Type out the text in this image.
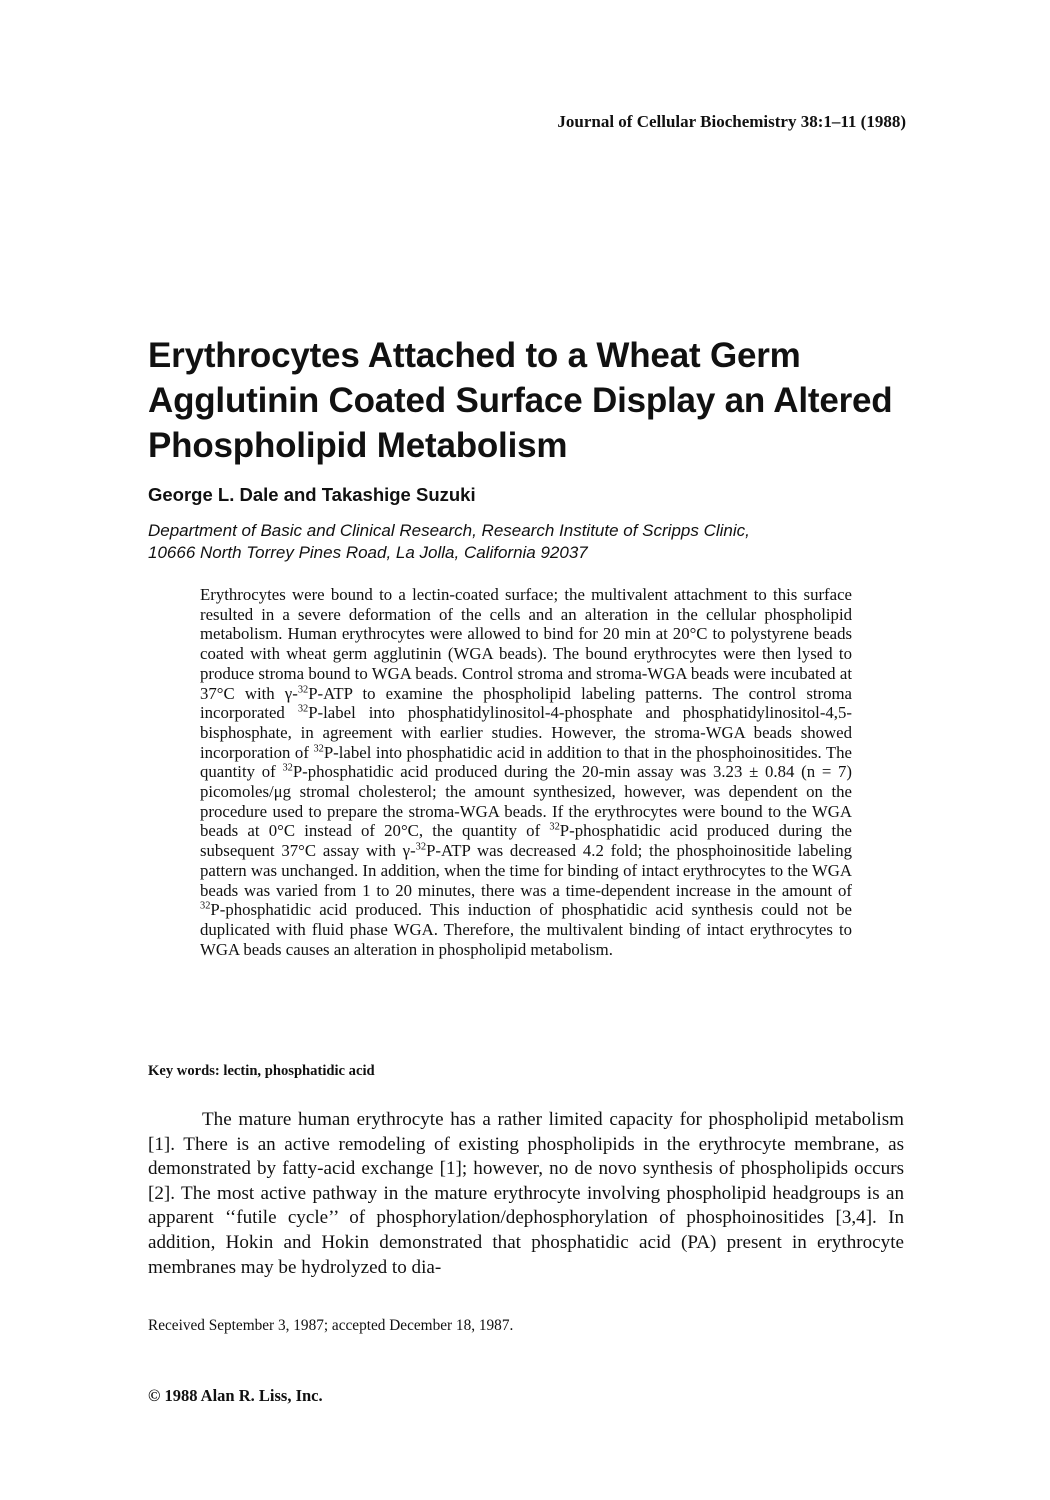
Journal of Cellular Biochemistry 38:1–11 (1988)
Erythrocytes Attached to a Wheat Germ Agglutinin Coated Surface Display an Altered Phospholipid Metabolism
George L. Dale and Takashige Suzuki
Department of Basic and Clinical Research, Research Institute of Scripps Clinic,
10666 North Torrey Pines Road, La Jolla, California 92037

Erythrocytes were bound to a lectin-coated surface; the multivalent attachment to this surface resulted in a severe deformation of the cells and an alteration in the cellular phospholipid metabolism. Human erythrocytes were allowed to bind for 20 min at 20°C to polystyrene beads coated with wheat germ agglutinin (WGA beads). The bound erythrocytes were then lysed to produce stroma bound to WGA beads. Control stroma and stroma-WGA beads were incubated at 37°C with γ-$^{32}$P-ATP to examine the phospholipid labeling patterns. The control stroma incorporated $^{32}$P-label into phosphatidylinositol-4-phosphate and phosphatidylinositol-4,5-bisphosphate, in agreement with earlier studies. However, the stroma-WGA beads showed incorporation of $^{32}$P-label into phosphatidic acid in addition to that in the phosphoinositides. The quantity of $^{32}$P-phosphatidic acid produced during the 20-min assay was 3.23 ± 0.84 (n = 7) picomoles/μg stromal cholesterol; the amount synthesized, however, was dependent on the procedure used to prepare the stroma-WGA beads. If the erythrocytes were bound to the WGA beads at 0°C instead of 20°C, the quantity of $^{32}$P-phosphatidic acid produced during the subsequent 37°C assay with γ-$^{32}$P-ATP was decreased 4.2 fold; the phosphoinositide labeling pattern was unchanged. In addition, when the time for binding of intact erythrocytes to the WGA beads was varied from 1 to 20 minutes, there was a time-dependent increase in the amount of $^{32}$P-phosphatidic acid produced. This induction of phosphatidic acid synthesis could not be duplicated with fluid phase WGA. Therefore, the multivalent binding of intact erythrocytes to WGA beads causes an alteration in phospholipid metabolism.

Key words: lectin, phosphatidic acid

The mature human erythrocyte has a rather limited capacity for phospholipid metabolism [1]. There is an active remodeling of existing phospholipids in the erythrocyte membrane, as demonstrated by fatty-acid exchange [1]; however, no de novo synthesis of phospholipids occurs [2]. The most active pathway in the mature erythrocyte involving phospholipid headgroups is an apparent ‘‘futile cycle’’ of phosphorylation/dephosphorylation of phosphoinositides [3,4]. In addition, Hokin and Hokin demonstrated that phosphatidic acid (PA) present in erythrocyte membranes may be hydrolyzed to dia-

Received September 3, 1987; accepted December 18, 1987.
© 1988 Alan R. Liss, Inc.
